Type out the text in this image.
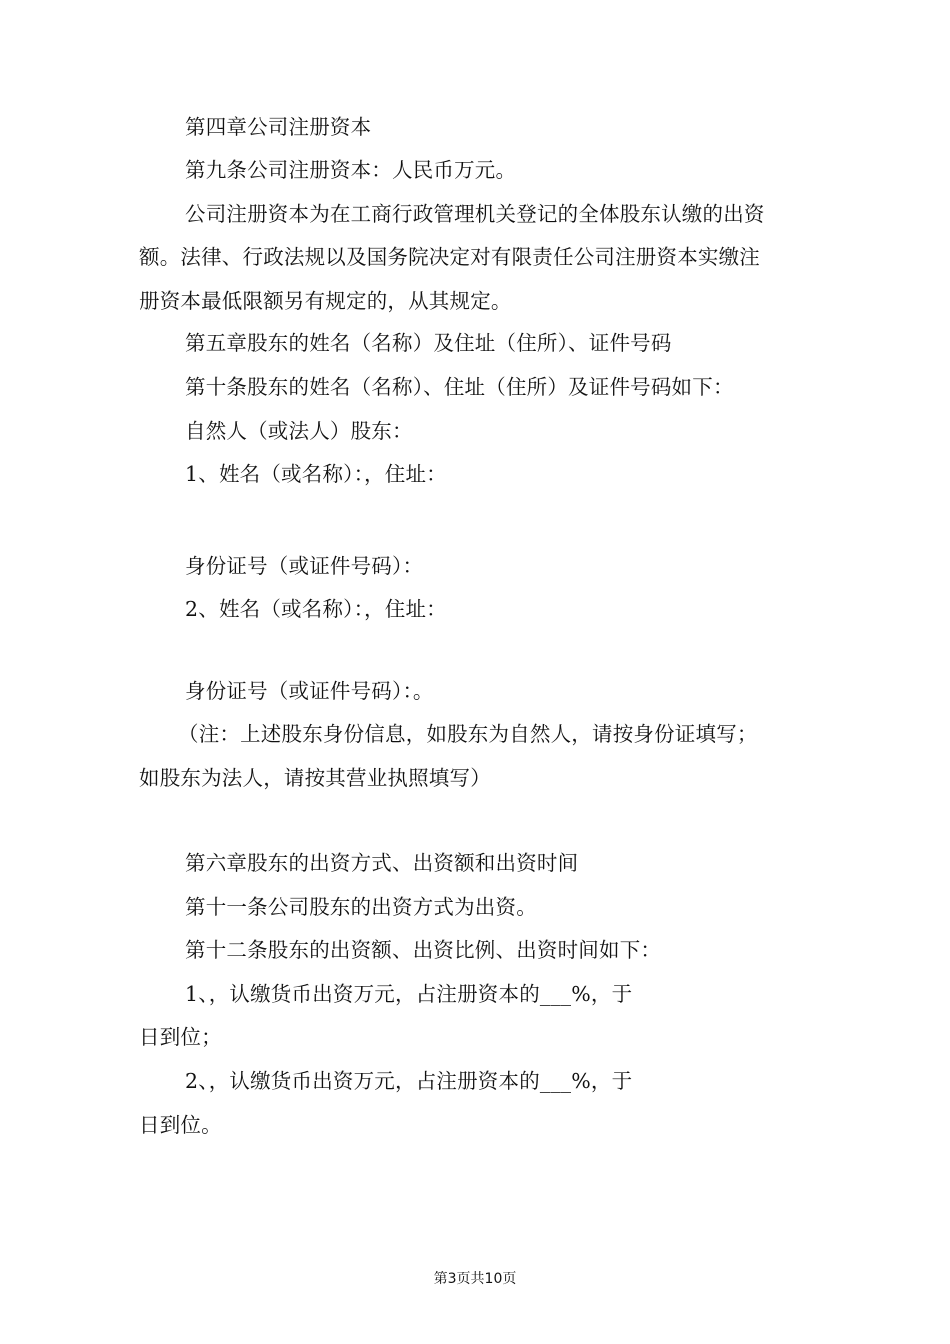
第四章公司注册资本
第九条公司注册资本：人民币万元。
公司注册资本为在工商行政管理机关登记的全体股东认缴的出资
额。法律、行政法规以及国务院决定对有限责任公司注册资本实缴注
册资本最低限额另有规定的，从其规定。
第五章股东的姓名（名称）及住址（住所）、证件号码
第十条股东的姓名（名称）、住址（住所）及证件号码如下：
自然人（或法人）股东：
1、姓名（或名称）：，住址：
身份证号（或证件号码）：
2、姓名（或名称）：，住址：
身份证号（或证件号码）：。
（注：上述股东身份信息，如股东为自然人，请按身份证填写；
如股东为法人，请按其营业执照填写）
第六章股东的出资方式、出资额和出资时间
第十一条公司股东的出资方式为出资。
第十二条股东的出资额、出资比例、出资时间如下：
1、，认缴货币出资万元，占注册资本的___%，于
日到位；
2、，认缴货币出资万元，占注册资本的___%，于
日到位。
第3页共10页
